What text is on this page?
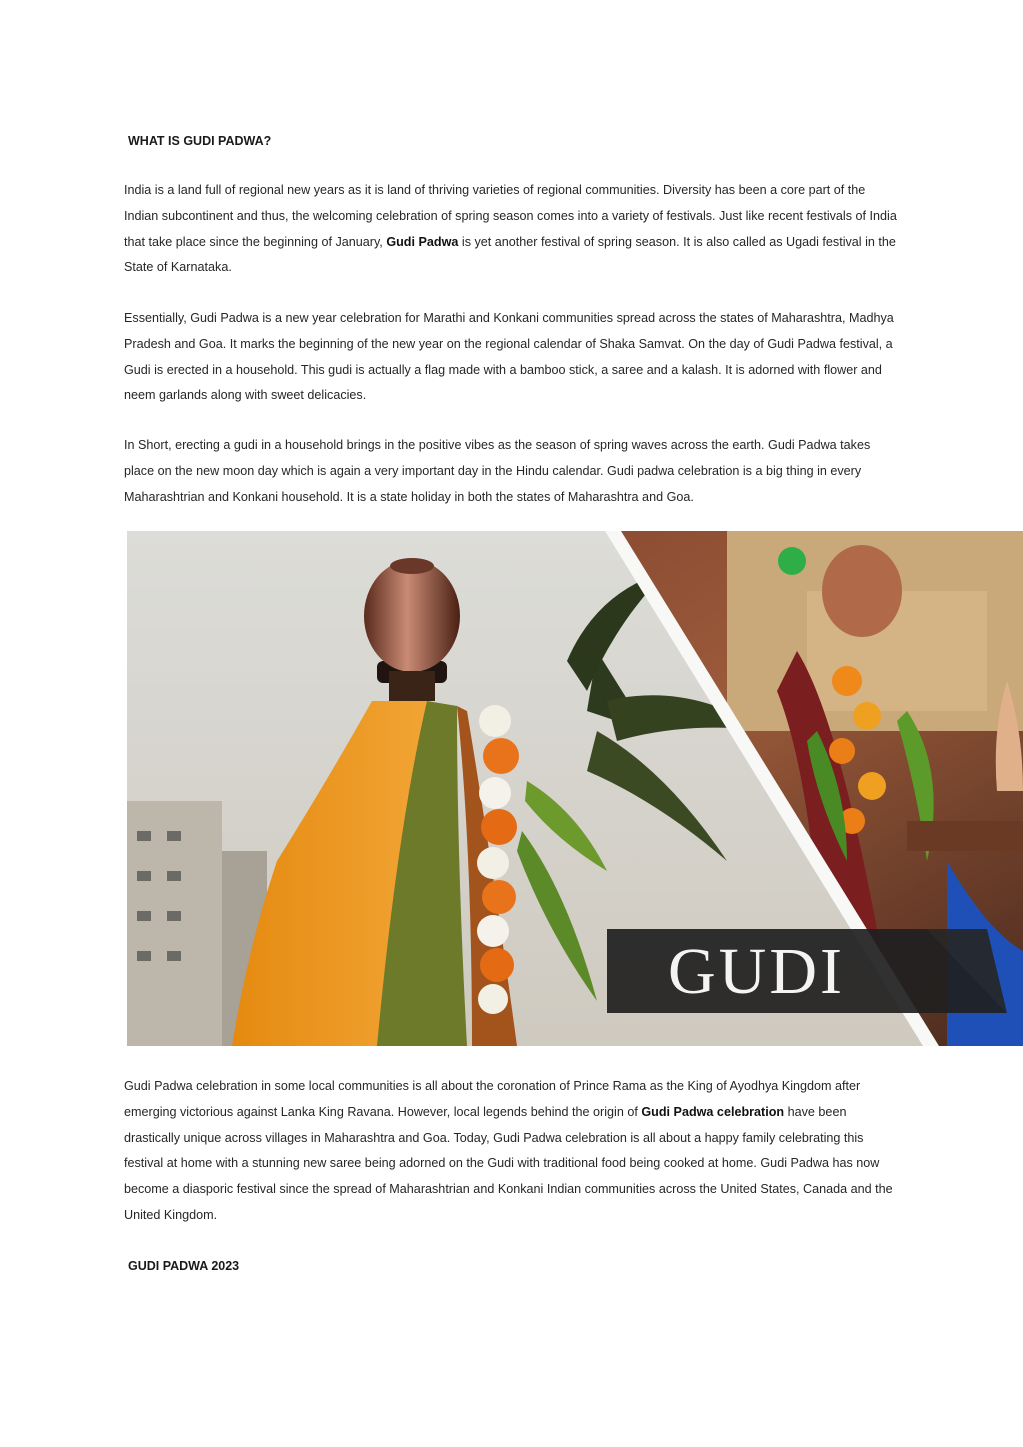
WHAT IS GUDI PADWA?

India is a land full of regional new years as it is land of thriving varieties of regional communities. Diversity has been a core part of the Indian subcontinent and thus, the welcoming celebration of spring season comes into a variety of festivals. Just like recent festivals of India that take place since the beginning of January, Gudi Padwa is yet another festival of spring season. It is also called as Ugadi festival in the State of Karnataka.

Essentially, Gudi Padwa is a new year celebration for Marathi and Konkani communities spread across the states of Maharashtra, Madhya Pradesh and Goa. It marks the beginning of the new year on the regional calendar of Shaka Samvat. On the day of Gudi Padwa festival, a Gudi is erected in a household. This gudi is actually a flag made with a bamboo stick, a saree and a kalash. It is adorned with flower and neem garlands along with sweet delicacies.

In Short, erecting a gudi in a household brings in the positive vibes as the season of spring waves across the earth. Gudi Padwa takes place on the new moon day which is again a very important day in the Hindu calendar. Gudi padwa celebration is a big thing in every Maharashtrian and Konkani household. It is a state holiday in both the states of Maharashtra and Goa.

GUDI

Gudi Padwa celebration in some local communities is all about the coronation of Prince Rama as the King of Ayodhya Kingdom after emerging victorious against Lanka King Ravana. However, local legends behind the origin of Gudi Padwa celebration have been drastically unique across villages in Maharashtra and Goa. Today, Gudi Padwa celebration is all about a happy family celebrating this festival at home with a stunning new saree being adorned on the Gudi with traditional food being cooked at home. Gudi Padwa has now become a diasporic festival since the spread of Maharashtrian and Konkani Indian communities across the United States, Canada and the United Kingdom.

GUDI PADWA 2023
